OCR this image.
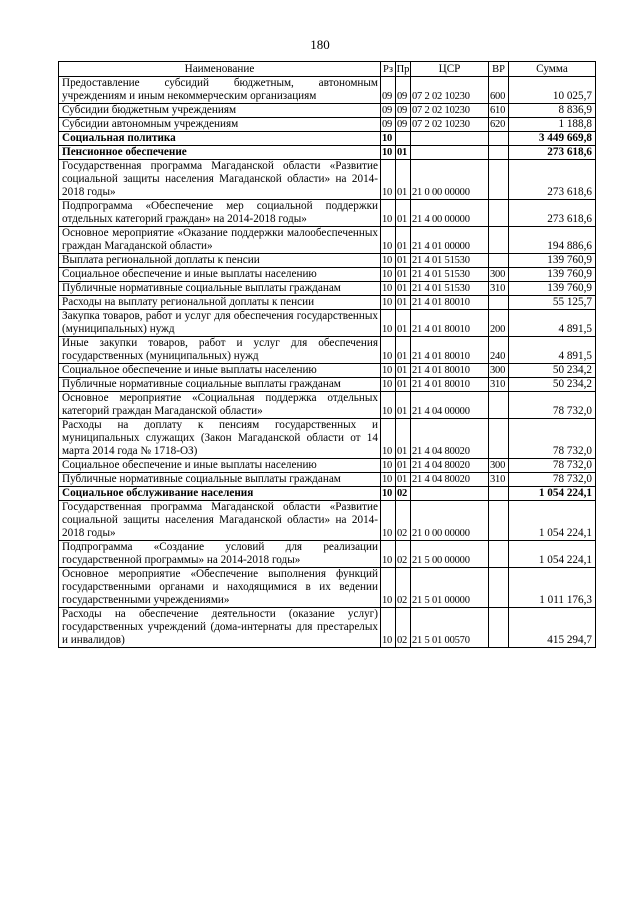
180
Наименование	Рз	Пр	ЦСР	ВР	Сумма
Предоставление субсидий бюджетным, автономным учреждениям и иным некоммерческим организациям	09	09	07 2 02 10230	600	10 025,7
Субсидии бюджетным учреждениям	09	09	07 2 02 10230	610	8 836,9
Субсидии автономным учреждениям	09	09	07 2 02 10230	620	1 188,8
Социальная политика	10				3 449 669,8
Пенсионное обеспечение	10	01			273 618,6
Государственная программа Магаданской области «Развитие социальной защиты населения Магаданской области» на 2014-2018 годы»	10	01	21 0 00 00000		273 618,6
Подпрограмма «Обеспечение мер социальной поддержки отдельных категорий граждан» на 2014-2018 годы»	10	01	21 4 00 00000		273 618,6
Основное мероприятие «Оказание поддержки малообеспеченных граждан Магаданской области»	10	01	21 4 01 00000		194 886,6
Выплата региональной доплаты к пенсии	10	01	21 4 01 51530		139 760,9
Социальное обеспечение и иные выплаты населению	10	01	21 4 01 51530	300	139 760,9
Публичные нормативные социальные выплаты гражданам	10	01	21 4 01 51530	310	139 760,9
Расходы на выплату региональной доплаты к пенсии	10	01	21 4 01 80010		55 125,7
Закупка товаров, работ и услуг для обеспечения государственных (муниципальных) нужд	10	01	21 4 01 80010	200	4 891,5
Иные закупки товаров, работ и услуг для обеспечения государственных (муниципальных) нужд	10	01	21 4 01 80010	240	4 891,5
Социальное обеспечение и иные выплаты населению	10	01	21 4 01 80010	300	50 234,2
Публичные нормативные социальные выплаты гражданам	10	01	21 4 01 80010	310	50 234,2
Основное мероприятие «Социальная поддержка отдельных категорий граждан Магаданской области»	10	01	21 4 04 00000		78 732,0
Расходы на доплату к пенсиям государственных и муниципальных служащих (Закон Магаданской области от 14 марта 2014 года № 1718-ОЗ)	10	01	21 4 04 80020		78 732,0
Социальное обеспечение и иные выплаты населению	10	01	21 4 04 80020	300	78 732,0
Публичные нормативные социальные выплаты гражданам	10	01	21 4 04 80020	310	78 732,0
Социальное обслуживание населения	10	02			1 054 224,1
Государственная программа Магаданской области «Развитие социальной защиты населения Магаданской области» на 2014-2018 годы»	10	02	21 0 00 00000		1 054 224,1
Подпрограмма «Создание условий для реализации государственной программы» на 2014-2018 годы»	10	02	21 5 00 00000		1 054 224,1
Основное мероприятие «Обеспечение выполнения функций государственными органами и находящимися в их ведении государственными учреждениями»	10	02	21 5 01 00000		1 011 176,3
Расходы на обеспечение деятельности (оказание услуг) государственных учреждений (дома-интернаты для престарелых и инвалидов)	10	02	21 5 01 00570		415 294,7
